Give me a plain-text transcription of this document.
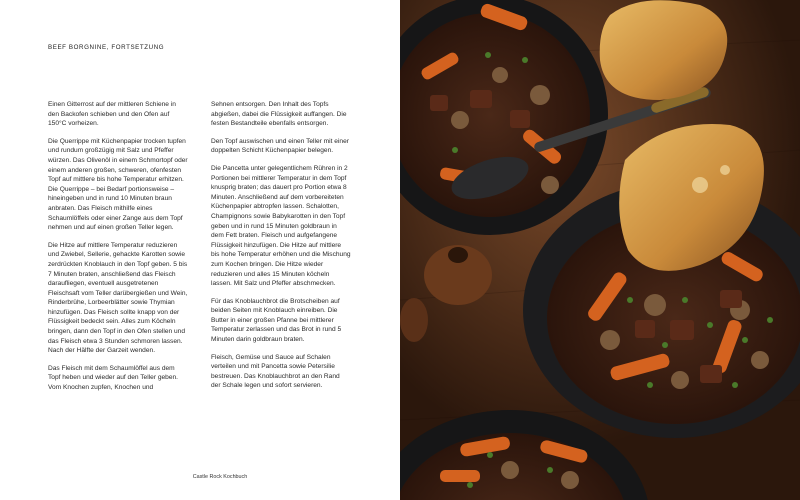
BEEF BORGNINE, FORTSETZUNG

Einen Gitterrost auf der mittleren Schiene in den Backofen schieben und den Ofen auf 150°C vorheizen.

Die Querrippe mit Küchenpapier trocken tupfen und rundum großzügig mit Salz und Pfeffer würzen. Das Olivenöl in einem Schmortopf oder einem anderen großen, schweren, ofenfesten Topf auf mittlere bis hohe Temperatur erhitzen. Die Querrippe – bei Bedarf portionsweise – hineingeben und in rund 10 Minuten braun anbraten. Das Fleisch mithilfe eines Schaumlöffels oder einer Zange aus dem Topf nehmen und auf einen großen Teller legen.

Die Hitze auf mittlere Temperatur reduzieren und Zwiebel, Sellerie, gehackte Karotten sowie zerdrückten Knoblauch in den Topf geben. 5 bis 7 Minuten braten, anschließend das Fleisch daraufliegen, eventuell ausgetretenen Fleischsaft vom Teller darübergießen und Wein, Rinderbrühe, Lorbeerblätter sowie Thymian hinzufügen. Das Fleisch sollte knapp von der Flüssigkeit bedeckt sein. Alles zum Köcheln bringen, dann den Topf in den Ofen stellen und das Fleisch etwa 3 Stunden schmoren lassen. Nach der Hälfte der Garzeit wenden.

Das Fleisch mit dem Schaumlöffel aus dem Topf heben und wieder auf den Teller geben. Vom Knochen zupfen, Knochen und

Sehnen entsorgen. Den Inhalt des Topfs abgießen, dabei die Flüssigkeit auffangen. Die festen Bestandteile ebenfalls entsorgen.

Den Topf auswischen und einen Teller mit einer doppelten Schicht Küchenpapier belegen.

Die Pancetta unter gelegentlichem Rühren in 2 Portionen bei mittlerer Temperatur in dem Topf knusprig braten; das dauert pro Portion etwa 8 Minuten. Anschließend auf dem vorbereiteten Küchenpapier abtropfen lassen. Schalotten, Champignons sowie Babykarotten in den Topf geben und in rund 15 Minuten goldbraun in dem Fett braten. Fleisch und aufgefangene Flüssigkeit hinzufügen. Die Hitze auf mittlere bis hohe Temperatur erhöhen und die Mischung zum Kochen bringen. Die Hitze wieder reduzieren und alles 15 Minuten köcheln lassen. Mit Salz und Pfeffer abschmecken.

Für das Knoblauchbrot die Brotscheiben auf beiden Seiten mit Knoblauch einreiben. Die Butter in einer großen Pfanne bei mittlerer Temperatur zerlassen und das Brot in rund 5 Minuten darin goldbraun braten.

Fleisch, Gemüse und Sauce auf Schalen verteilen und mit Pancetta sowie Petersilie bestreuen. Das Knoblauchbrot an den Rand der Schale legen und sofort servieren.

Castle Rock Kochbuch
